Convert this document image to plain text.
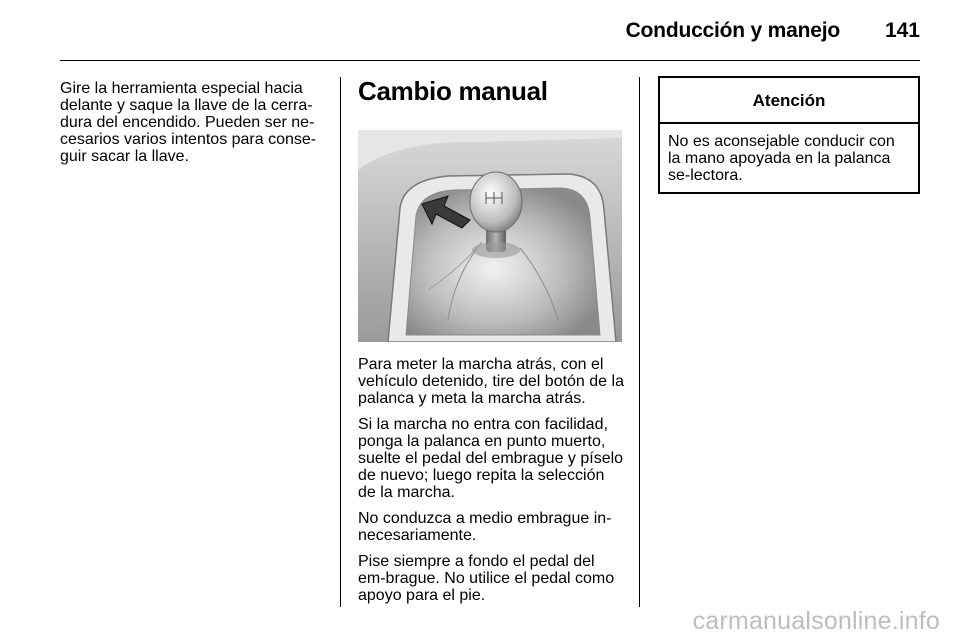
Conducción y manejo 141

Gire la herramienta especial hacia delante y saque la llave de la cerra-dura del encendido. Pueden ser ne-cesarios varios intentos para conse-guir sacar la llave.

Cambio manual

Para meter la marcha atrás, con el vehículo detenido, tire del botón de la palanca y meta la marcha atrás.

Si la marcha no entra con facilidad, ponga la palanca en punto muerto, suelte el pedal del embrague y píselo de nuevo; luego repita la selección de la marcha.

No conduzca a medio embrague in-necesariamente.

Pise siempre a fondo el pedal del em-brague. No utilice el pedal como apoyo para el pie.

Atención
No es aconsejable conducir con la mano apoyada en la palanca se-lectora.
carmanualsonline.info
